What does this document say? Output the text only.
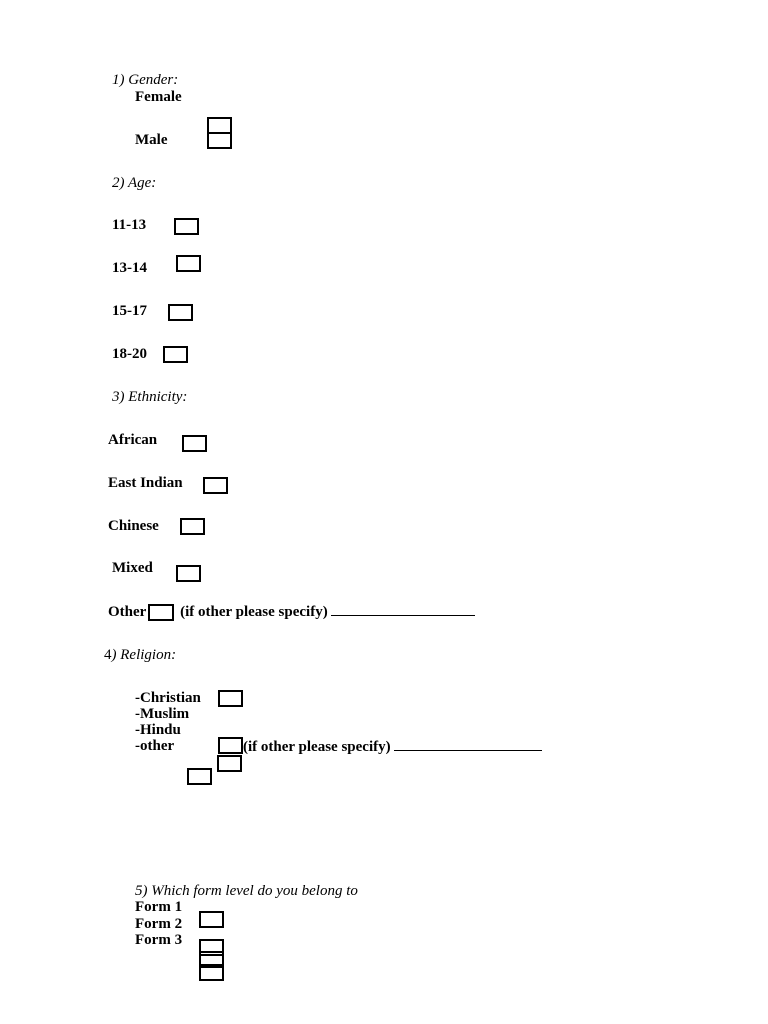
1) Gender:
Female
Male
2) Age:
11-13
13-14
15-17
18-20
3) Ethnicity:
African
East Indian
Chinese
Mixed
Other (if other please specify)
4) Religion:
-Christian
-Muslim
-Hindu
-other	(if other please specify)
5) Which form level do you belong to
Form 1
Form 2
Form 3
